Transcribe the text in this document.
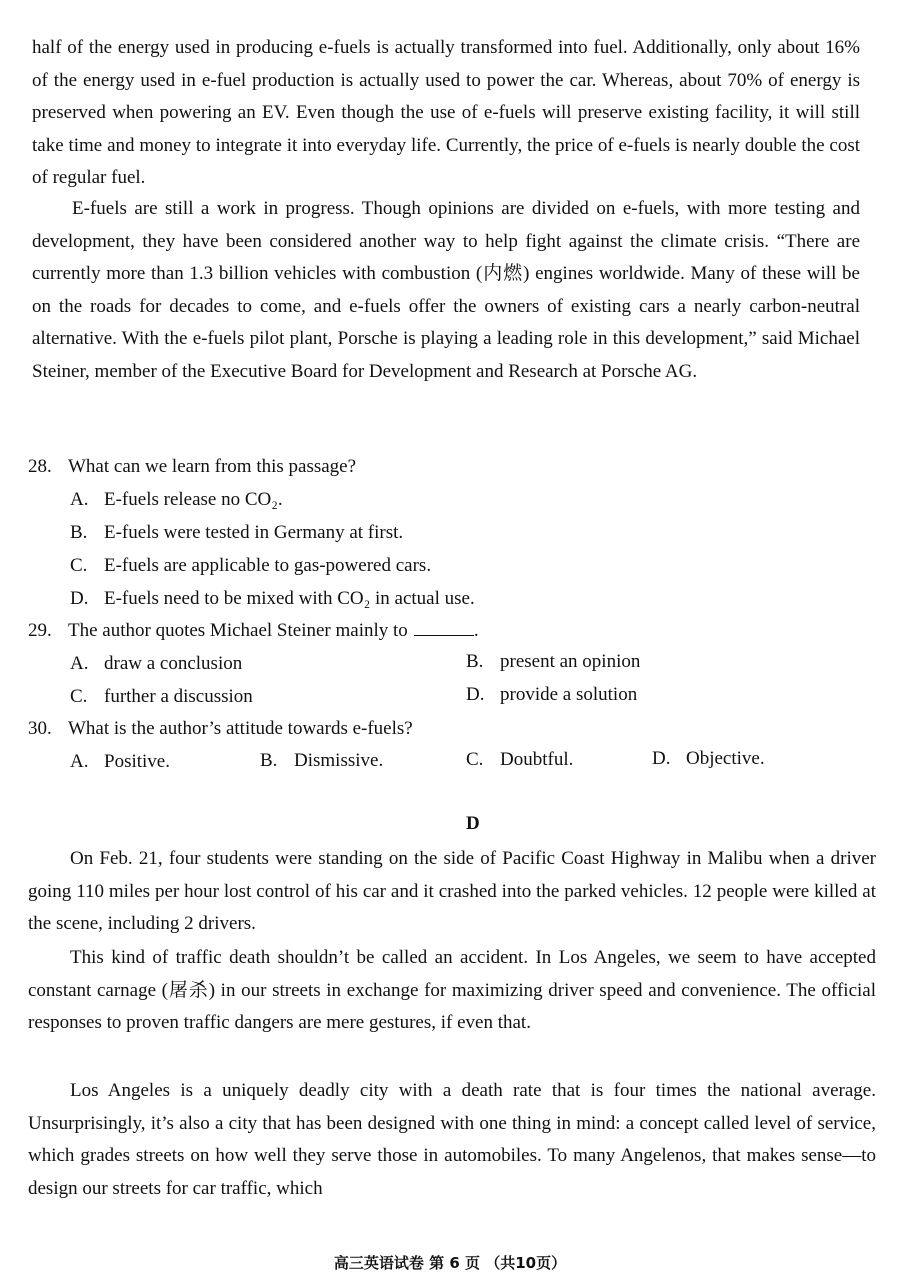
half of the energy used in producing e-fuels is actually transformed into fuel. Additionally, only about 16% of the energy used in e-fuel production is actually used to power the car. Whereas, about 70% of energy is preserved when powering an EV. Even though the use of e-fuels will preserve existing facility, it will still take time and money to integrate it into everyday life. Currently, the price of e-fuels is nearly double the cost of regular fuel.

E-fuels are still a work in progress. Though opinions are divided on e-fuels, with more testing and development, they have been considered another way to help fight against the climate crisis. “There are currently more than 1.3 billion vehicles with combustion (内燃) engines worldwide. Many of these will be on the roads for decades to come, and e-fuels offer the owners of existing cars a nearly carbon-neutral alternative. With the e-fuels pilot plant, Porsche is playing a leading role in this development,” said Michael Steiner, member of the Executive Board for Development and Research at Porsche AG.

28. What can we learn from this passage?
A. E-fuels release no CO₂.
B. E-fuels were tested in Germany at first.
C. E-fuels are applicable to gas-powered cars.
D. E-fuels need to be mixed with CO₂ in actual use.
29. The author quotes Michael Steiner mainly to	.
A. draw a conclusion	B. present an opinion
C. further a discussion	D. provide a solution
30. What is the author’s attitude towards e-fuels?
A. Positive.	B. Dismissive.	C. Doubtful.	D. Objective.
D

On Feb. 21, four students were standing on the side of Pacific Coast Highway in Malibu when a driver going 110 miles per hour lost control of his car and it crashed into the parked vehicles. 12 people were killed at the scene, including 2 drivers.

This kind of traffic death shouldn’t be called an accident. In Los Angeles, we seem to have accepted constant carnage (屠杀) in our streets in exchange for maximizing driver speed and convenience. The official responses to proven traffic dangers are mere gestures, if even that.

Los Angeles is a uniquely deadly city with a death rate that is four times the national average. Unsurprisingly, it’s also a city that has been designed with one thing in mind: a concept called level of service, which grades streets on how well they serve those in automobiles. To many Angelenos, that makes sense—to design our streets for car traffic, which

高三英语试卷 第 6 页 （共10页）
